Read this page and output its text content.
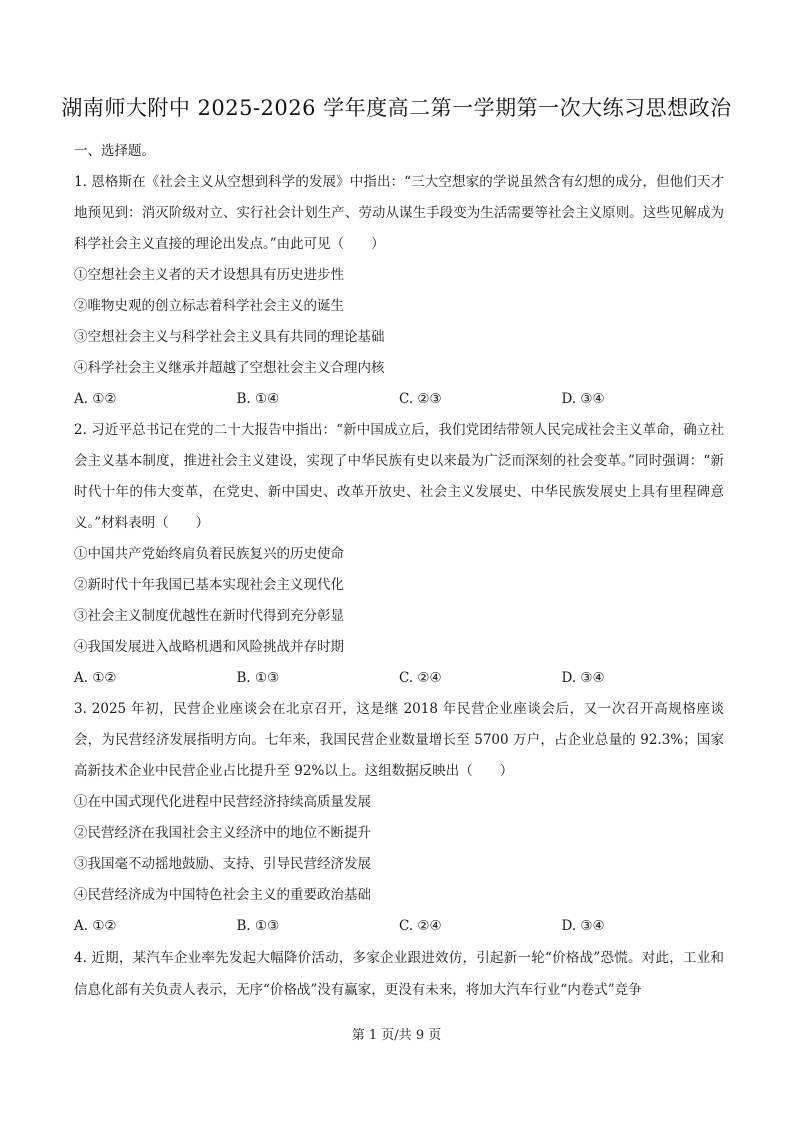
湖南师大附中 2025-2026 学年度高二第一学期第一次大练习思想政治

一、选择题。

1. 恩格斯在《社会主义从空想到科学的发展》中指出：“三大空想家的学说虽然含有幻想的成分，但他们天才地预见到：消灭阶级对立、实行社会计划生产、劳动从谋生手段变为生活需要等社会主义原则。这些见解成为科学社会主义直接的理论出发点。”由此可见（　　）

①空想社会主义者的天才设想具有历史进步性

②唯物史观的创立标志着科学社会主义的诞生

③空想社会主义与科学社会主义具有共同的理论基础

④科学社会主义继承并超越了空想社会主义合理内核

A. ①②	B. ①④	C. ②③	D. ③④

2. 习近平总书记在党的二十大报告中指出：“新中国成立后，我们党团结带领人民完成社会主义革命，确立社会主义基本制度，推进社会主义建设，实现了中华民族有史以来最为广泛而深刻的社会变革。”同时强调：“新时代十年的伟大变革，在党史、新中国史、改革开放史、社会主义发展史、中华民族发展史上具有里程碑意义。”材料表明（　　）

①中国共产党始终肩负着民族复兴的历史使命

②新时代十年我国已基本实现社会主义现代化

③社会主义制度优越性在新时代得到充分彰显

④我国发展进入战略机遇和风险挑战并存时期

A. ①②	B. ①③	C. ②④	D. ③④

3. 2025 年初，民营企业座谈会在北京召开，这是继 2018 年民营企业座谈会后，又一次召开高规格座谈会，为民营经济发展指明方向。七年来，我国民营企业数量增长至 5700 万户，占企业总量的 92.3%；国家高新技术企业中民营企业占比提升至 92%以上。这组数据反映出（　　）

①在中国式现代化进程中民营经济持续高质量发展

②民营经济在我国社会主义经济中的地位不断提升

③我国毫不动摇地鼓励、支持、引导民营经济发展

④民营经济成为中国特色社会主义的重要政治基础

A. ①②	B. ①③	C. ②④	D. ③④

4. 近期，某汽车企业率先发起大幅降价活动，多家企业跟进效仿，引起新一轮“价格战”恐慌。对此，工业和信息化部有关负责人表示，无序“价格战”没有赢家，更没有未来，将加大汽车行业“内卷式”竞争

第 1 页/共 9 页
